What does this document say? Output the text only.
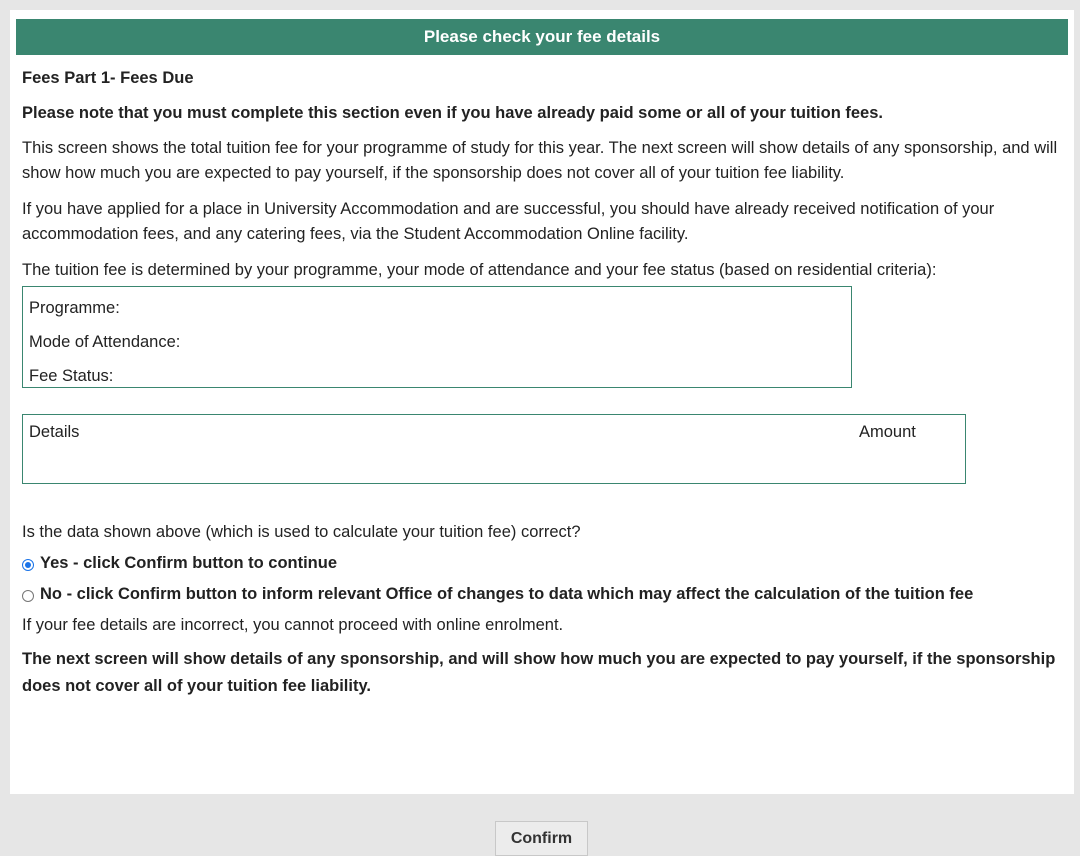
Please check your fee details

Fees Part 1- Fees Due

Please note that you must complete this section even if you have already paid some or all of your tuition fees.

This screen shows the total tuition fee for your programme of study for this year. The next screen will show details of any sponsorship, and will show how much you are expected to pay yourself, if the sponsorship does not cover all of your tuition fee liability.

If you have applied for a place in University Accommodation and are successful, you should have already received notification of your accommodation fees, and any catering fees, via the Student Accommodation Online facility.

The tuition fee is determined by your programme, your mode of attendance and your fee status (based on residential criteria):

Programme:
Mode of Attendance:
Fee Status:
Details	Amount

Is the data shown above (which is used to calculate your tuition fee) correct?

Yes - click Confirm button to continue
No - click Confirm button to inform relevant Office of changes to data which may affect the calculation of the tuition fee

If your fee details are incorrect, you cannot proceed with online enrolment.

The next screen will show details of any sponsorship, and will show how much you are expected to pay yourself, if the sponsorship does not cover all of your tuition fee liability.

Confirm
